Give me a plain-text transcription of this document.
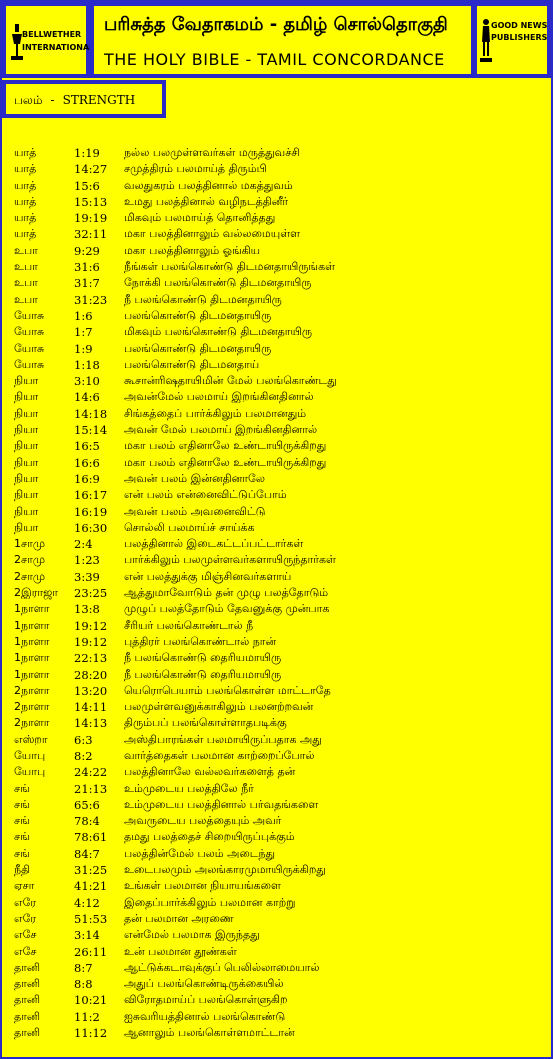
BELLWETHER
INTERNATIONAL
பரிசுத்த வேதாகமம் - தமிழ் சொல்தொகுதி
THE HOLY BIBLE - TAMIL CONCORDANCE
GOOD NEWS
PUBLISHERS
பலம் - STRENGTH
யாத்	1:19 நல்ல பலமுள்ளவர்கள் மருத்துவச்சி
யாத்	14:27 சமுத்திரம் பலமாய்த் திரும்பி
யாத்	15:6 வலதுகரம் பலத்தினால் மகத்துவம்
யாத்	15:13 உமது பலத்தினால் வழிநடத்தினீர்
யாத்	19:19 மிகவும் பலமாய்த் தொனித்தது
யாத்	32:11 மகா பலத்தினாலும் வல்லமையுள்ள
உபா	9:29 மகா பலத்தினாலும் ஓங்கிய
உபா	31:6 நீங்கள் பலங்கொண்டு திடமனதாயிருங்கள்
உபா	31:7 நோக்கி பலங்கொண்டு திடமனதாயிரு
உபா	31:23 நீ பலங்கொண்டு திடமனதாயிரு
யோசு	1:6	பலங்கொண்டு திடமனதாயிரு
யோசு	1:7	மிகவும் பலங்கொண்டு திடமனதாயிரு
யோசு	1:9	பலங்கொண்டு திடமனதாயிரு
யோசு	1:18 பலங்கொண்டு திடமனதாய்
நியா	3:10 கூசான்ரிஷதாயிமின் மேல் பலங்கொண்டது
நியா	14:6 அவன்மேல் பலமாய் இறங்கினதினால்
நியா	14:18 சிங்கத்தைப் பார்க்கிலும் பலமானதும்
நியா	15:14 அவன் மேல் பலமாய் இறங்கினதினால்
நியா	16:5 மகா பலம் எதினாலே உண்டாயிருக்கிறது
நியா	16:6 மகா பலம் எதினாலே உண்டாயிருக்கிறது
நியா	16:9 அவன் பலம் இன்னதினாலே
நியா	16:17 என் பலம் என்னைவிட்டுப்போம்
நியா	16:19 அவன் பலம் அவனைவிட்டு
நியா	16:30 சொல்லி பலமாய்ச் சாய்க்க
1சாமு	2:4	பலத்தினால் இடைகட்டப்பட்டார்கள்
2சாமு	1:23 பார்க்கிலும் பலமுள்ளவர்களாயிருந்தார்கள்
2சாமு	3:39 என் பலத்துக்கு மிஞ்சினவர்களாய்
2இராஜா 23:25 ஆத்துமாவோடும் தன் முழு பலத்தோடும்
1நாளா 13:8 முழுப் பலத்தோடும் தேவனுக்கு முன்பாக
1நாளா 19:12 சீரியர் பலங்கொண்டால் நீ
1நாளா 19:12 புத்திரர் பலங்கொண்டால் நான்
1நாளா 22:13 நீ பலங்கொண்டு தைரியமாயிரு
1நாளா 28:20 நீ பலங்கொண்டு தைரியமாயிரு
2நாளா 13:20 யெரொபெயாம் பலங்கொள்ள மாட்டாதே
2நாளா 14:11 பலமுள்ளவனுக்காகிலும் பலனற்றவன்
2நாளா 14:13 திரும்பப் பலங்கொள்ளாதபடிக்கு
எஸ்றா 6:3	அஸ்திபாரங்கள் பலமாயிருப்பதாக அது
யோபு	8:2	வார்த்தைகள் பலமான காற்றைப்போல்
யோபு	24:22 பலத்தினாலே வல்லவர்களைத் தன்
சங்	21:13 உம்முடைய பலத்திலே நீர்
சங்	65:6 உம்முடைய பலத்தினால் பர்வதங்களை
சங்	78:4 அவருடைய பலத்தையும் அவர்
சங்	78:61 தமது பலத்தைச் சிறையிருப்புக்கும்
சங்	84:7 பலத்தின்மேல் பலம் அடைந்து
நீதி	31:25 உடைபலமும் அலங்காரமுமாயிருக்கிறது
ஏசா	41:21 உங்கள் பலமான நியாயங்களை
எரே	4:12 இதைப்பார்க்கிலும் பலமான காற்று
எரே	51:53 தன் பலமான அரணை
எசே	3:14 என்மேல் பலமாக இருந்தது
எசே	26:11 உன் பலமான தூண்கள்
தானி	8:7	ஆட்டுக்கடாவுக்குப் பெலில்லாமையால்
தானி	8:8	அதுப் பலங்கொண்டிருக்கையில்
தானி	10:21 விரோதமாய்ப் பலங்கொள்ளுகிற
தானி	11:2 ஐசுவரியத்தினால் பலங்கொண்டு
தானி	11:12 ஆனாலும் பலங்கொள்ளமாட்டான்
